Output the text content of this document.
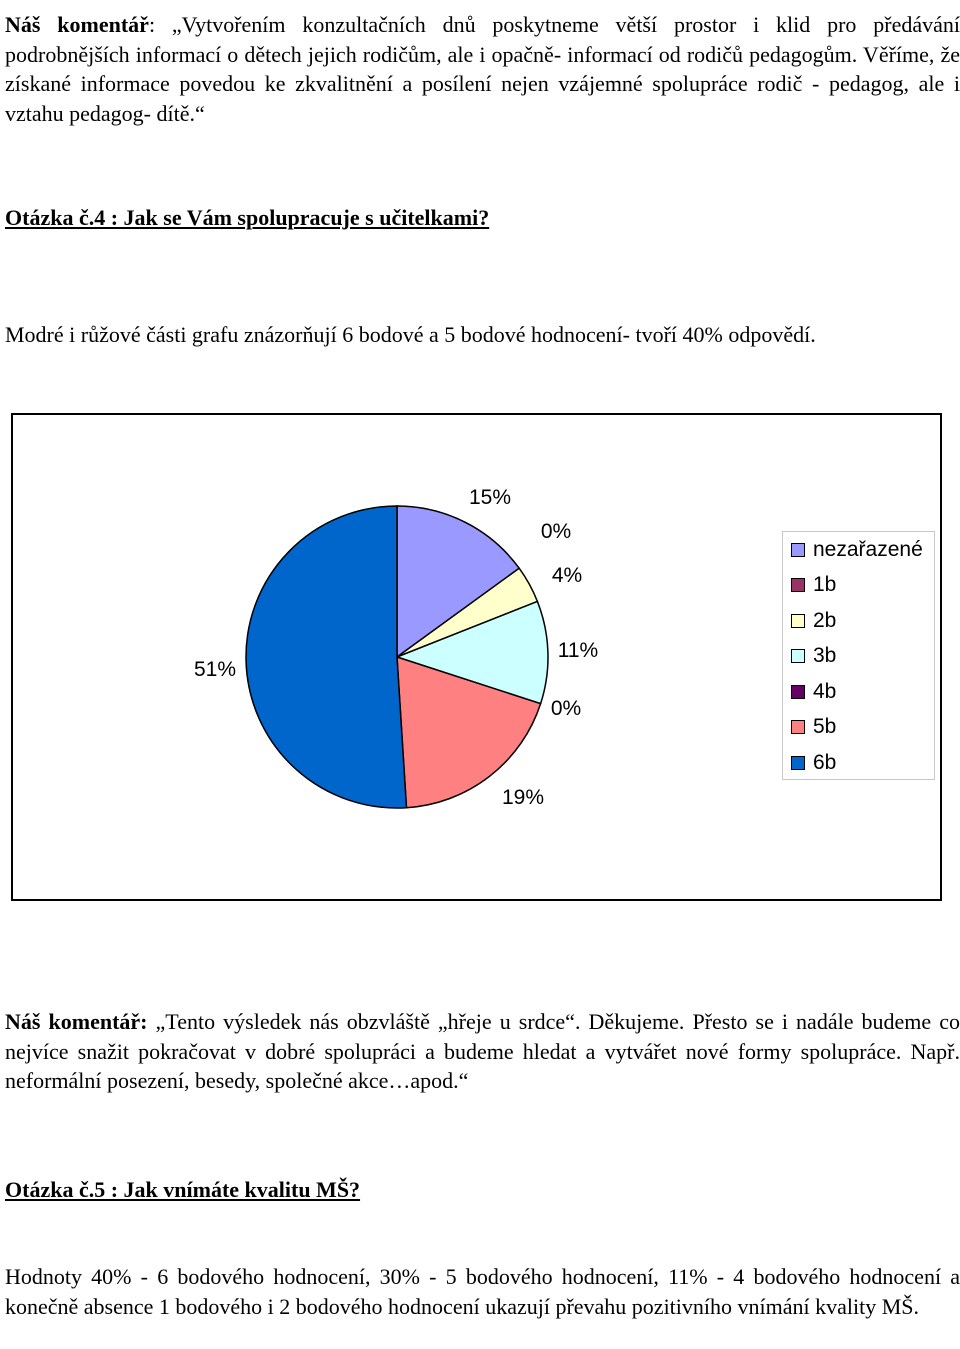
Náš komentář: „Vytvořením konzultačních dnů poskytneme větší prostor i klid pro předávání podrobnějších informací o dětech jejich rodičům, ale i opačně- informací od rodičů pedagogům. Věříme, že získané informace povedou ke zkvalitnění a posílení nejen vzájemné spolupráce rodič - pedagog, ale i vztahu pedagog- dítě.“

Otázka č.4 : Jak se Vám spolupracuje s učitelkami?
Modré i růžové části grafu znázorňují 6 bodové a 5 bodové hodnocení- tvoří 40% odpovědí.
15%
0%
4%
11%
0%
19%
51%
nezařazené
1b
2b
3b
4b
5b
6b

Náš komentář: „Tento výsledek nás obzvláště „hřeje u srdce“. Děkujeme. Přesto se i nadále budeme co nejvíce snažit pokračovat v dobré spolupráci a budeme hledat a vytvářet nové formy spolupráce. Např. neformální posezení, besedy, společné akce…apod.“

Otázka č.5 : Jak vnímáte kvalitu MŠ?
Hodnoty 40% - 6 bodového hodnocení, 30% - 5 bodového hodnocení, 11% - 4 bodového hodnocení a konečně absence 1 bodového i 2 bodového hodnocení ukazují převahu pozitivního vnímání kvality MŠ.
